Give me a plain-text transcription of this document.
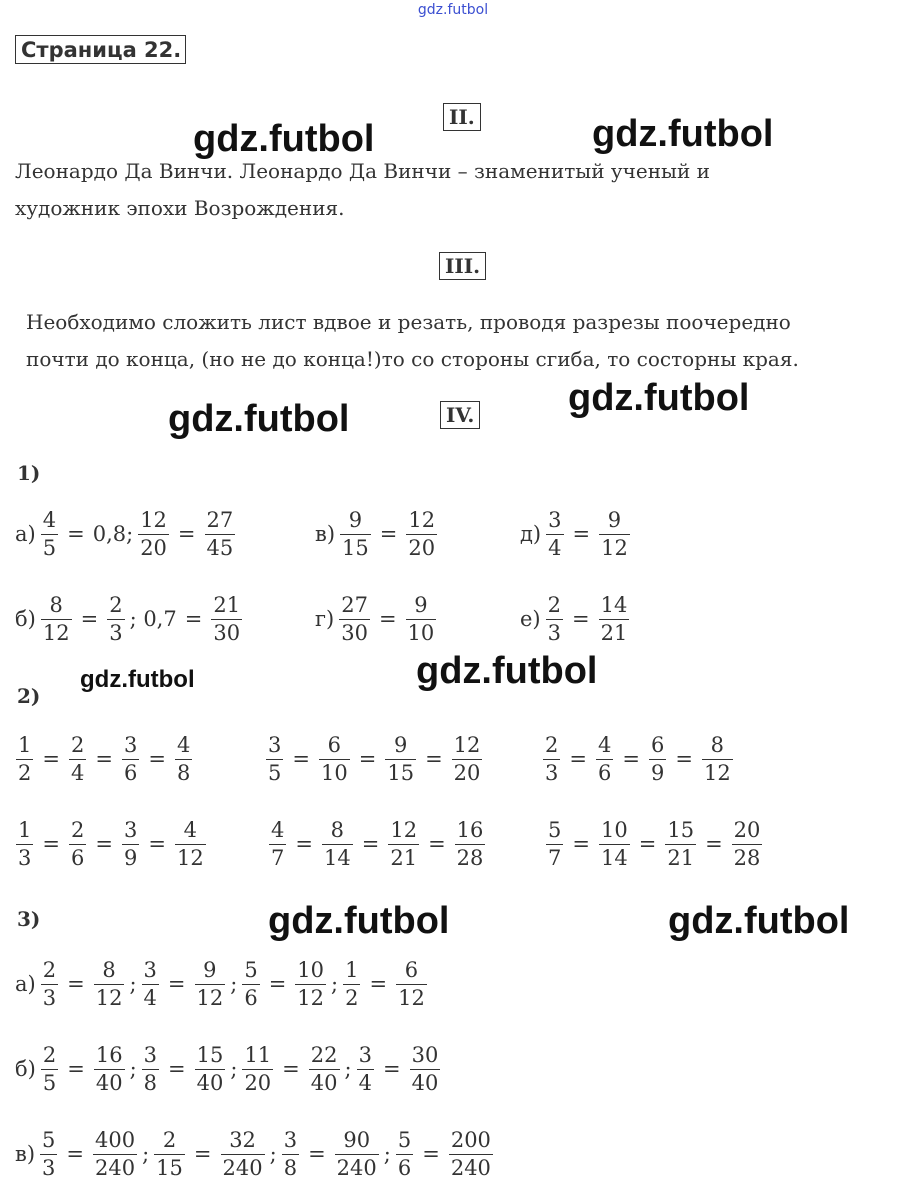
gdz.futbol
Страница 22.
II.
III.
IV.
gdz.futbol	gdz.futbol
gdz.futbol
gdz.futbol
gdz.futbol	gdz.futbol
gdz.futbol	gdz.futbol
Леонардо Да Винчи. Леонардо Да Винчи – знаменитый ученый и
художник эпохи Возрождения.
Необходимо сложить лист вдвое и резать, проводя разрезы поочередно
почти до конца, (но не до конца!)то со стороны сгиба, то состорны края.
1)
2)
3)
$а) \frac{4}{5} = 0,8$; $\frac{12}{20} = \frac{27}{45}$	$в) \frac{9}{15} = \frac{12}{20}$	$д) \frac{3}{4} = \frac{9}{12}$
$б) \frac{8}{12} = \frac{2}{3}$ ; $0,7 = \frac{21}{30}$	$г) \frac{27}{30} = \frac{9}{10}$	$е) \frac{2}{3} = \frac{14}{21}$
$\frac{1}{2} = \frac{2}{4} = \frac{3}{6} = \frac{4}{8}$	$\frac{3}{5} = \frac{6}{10} = \frac{9}{15} = \frac{12}{20}$	$\frac{2}{3} = \frac{4}{6} = \frac{6}{9} = \frac{8}{12}$
$\frac{1}{3} = \frac{2}{6} = \frac{3}{9} = \frac{4}{12}$	$\frac{4}{7} = \frac{8}{14} = \frac{12}{21} = \frac{16}{28}$	$\frac{5}{7} = \frac{10}{14} = \frac{15}{21} = \frac{20}{28}$
$а) \frac{2}{3} = \frac{8}{12}$ ; $\frac{3}{4} = \frac{9}{12}$ ; $\frac{5}{6} = \frac{10}{12}$ ; $\frac{1}{2} = \frac{6}{12}$
$б) \frac{2}{5} = \frac{16}{40}$ ; $\frac{3}{8} = \frac{15}{40}$ ; $\frac{11}{20} = \frac{22}{40}$ ; $\frac{3}{4} = \frac{30}{40}$
$в) \frac{5}{3} = \frac{400}{240}$ ; $\frac{2}{15} = \frac{32}{240}$ ; $\frac{3}{8} = \frac{90}{240}$ ; $\frac{5}{6} = \frac{200}{240}$
